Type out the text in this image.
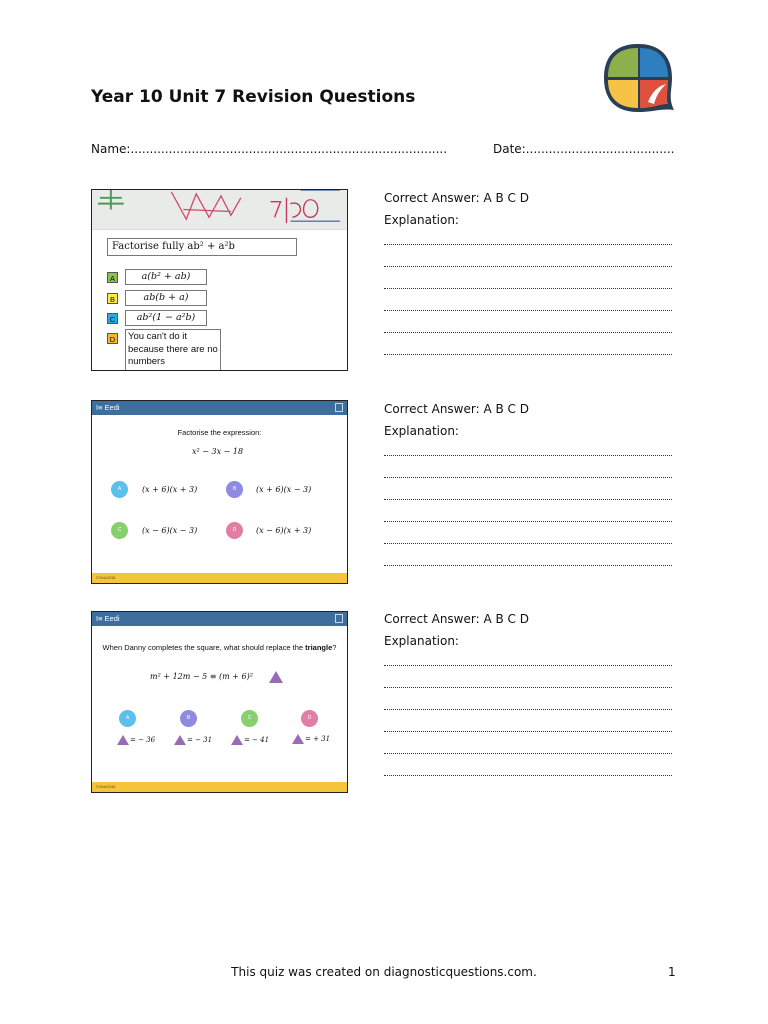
Year 10 Unit 7 Revision Questions
Name:...................................................................................	Date:.......................................
Factorise fully ab² + a²b
A	a(b² + ab)
B	ab(b + a)
C	ab²(1 − a²b)
D	You can't do it because there are no numbers
I≡ Eedi
Factorise the expression:
x² − 3x − 18
A	(x + 6)(x + 3)	B	(x + 6)(x − 3)
C	(x − 6)(x − 3)	D	(x − 6)(x + 3)
© Eedi 2018
I≡ Eedi
When Danny completes the square, what should replace the triangle?
m² + 12m − 5 ≡ (m + 6)²
A
= − 36
B
= − 31
C
= − 41
D
= + 31
© Eedi 2018
Correct Answer: A B C D
Explanation:
Correct Answer: A B C D
Explanation:
Correct Answer: A B C D
Explanation:
This quiz was created on diagnosticquestions.com.	1
